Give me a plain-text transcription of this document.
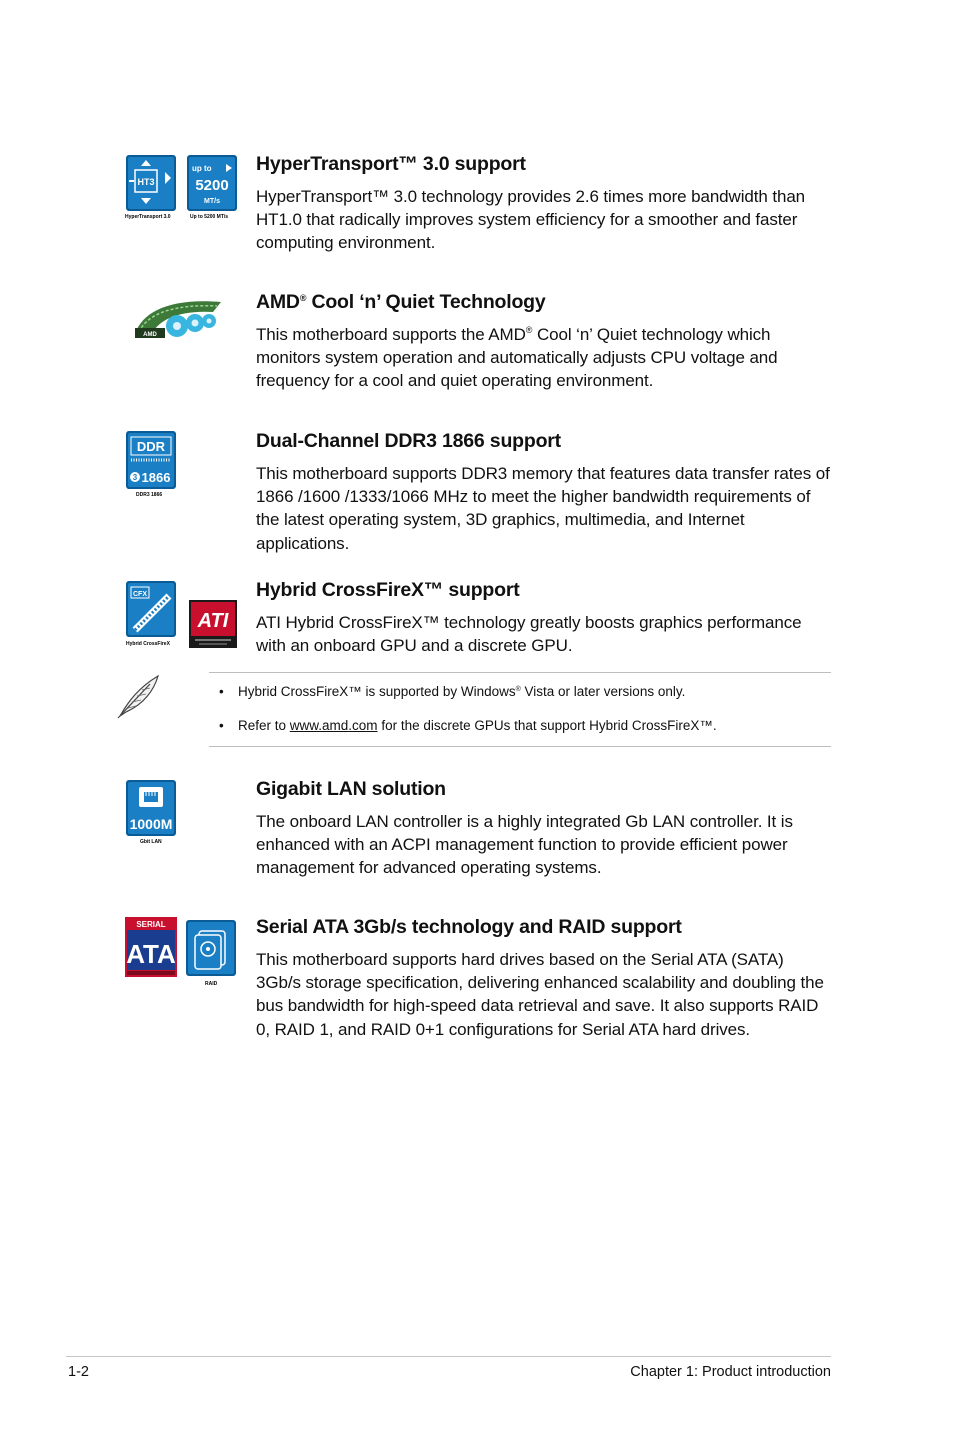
HT3
HyperTransport 3.0
up to
5200
MT/s
Up to 5200 MT/s
HyperTransport™ 3.0 support

HyperTransport™ 3.0 technology provides 2.6 times more bandwidth than HT1.0 that radically improves system efficiency for a smoother and faster computing environment.

AMD
AMD® Cool ‘n’ Quiet Technology

This motherboard supports the AMD® Cool ‘n’ Quiet technology which monitors system operation and automatically adjusts CPU voltage and frequency for a cool and quiet operating environment.

DDR
3 1866
DDR3 1866
Dual-Channel DDR3 1866 support

This motherboard supports DDR3 memory that features data transfer rates of 1866 /1600 /1333/1066 MHz to meet the higher bandwidth requirements of the latest operating system, 3D graphics, multimedia, and Internet applications.

CFX
Hybrid CrossFireX
ATI
Hybrid CrossFireX™ support

ATI Hybrid CrossFireX™ technology greatly boosts graphics performance with an onboard GPU and a discrete GPU.

• Hybrid CrossFireX™ is supported by Windows® Vista or later versions only.
• Refer to www.amd.com for the discrete GPUs that support Hybrid CrossFireX™.
1000M
Gbit LAN
Gigabit LAN solution

The onboard LAN controller is a highly integrated Gb LAN controller. It is enhanced with an ACPI management function to provide efficient power management for advanced operating systems.

SERIAL
ATA
RAID
Serial ATA 3Gb/s technology and RAID support

This motherboard supports hard drives based on the Serial ATA (SATA) 3Gb/s storage specification, delivering enhanced scalability and doubling the bus bandwidth for high-speed data retrieval and save. It also supports RAID 0, RAID 1, and RAID 0+1 configurations for Serial ATA hard drives.

1-2	Chapter 1: Product introduction
